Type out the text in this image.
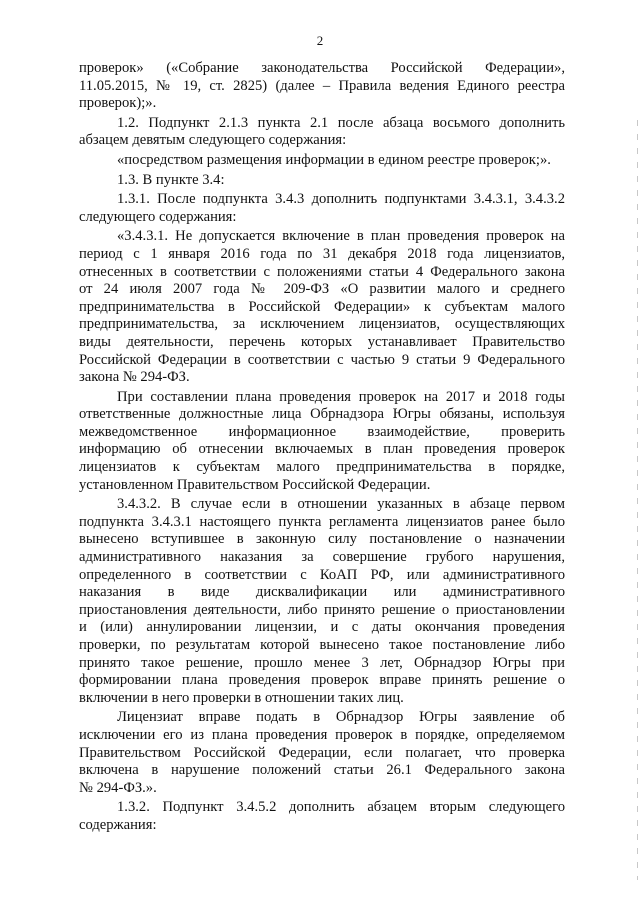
2
проверок» («Собрание законодательства Российской Федерации»,
11.05.2015, № 19, ст. 2825) (далее – Правила ведения Единого реестра
проверок);».
1.2. Подпункт 2.1.3 пункта 2.1 после абзаца восьмого дополнить
абзацем девятым следующего содержания:
«посредством размещения информации в едином реестре проверок;».
1.3. В пункте 3.4:
1.3.1. После подпункта 3.4.3 дополнить подпунктами 3.4.3.1, 3.4.3.2
следующего содержания:
«3.4.3.1. Не допускается включение в план проведения проверок на
период с 1 января 2016 года по 31 декабря 2018 года лицензиатов,
отнесенных в соответствии с положениями статьи 4 Федерального закона
от 24 июля 2007 года № 209-ФЗ «О развитии малого и среднего
предпринимательства в Российской Федерации» к субъектам малого
предпринимательства, за исключением лицензиатов, осуществляющих
виды деятельности, перечень которых устанавливает Правительство
Российской Федерации в соответствии с частью 9 статьи 9 Федерального
закона № 294-ФЗ.
При составлении плана проведения проверок на 2017 и 2018 годы
ответственные должностные лица Обрнадзора Югры обязаны, используя
межведомственное информационное взаимодействие, проверить
информацию об отнесении включаемых в план проведения проверок
лицензиатов к субъектам малого предпринимательства в порядке,
установленном Правительством Российской Федерации.
3.4.3.2. В случае если в отношении указанных в абзаце первом
подпункта 3.4.3.1 настоящего пункта регламента лицензиатов ранее было
вынесено вступившее в законную силу постановление о назначении
административного наказания за совершение грубого нарушения,
определенного в соответствии с КоАП РФ, или административного
наказания в виде дисквалификации или административного
приостановления деятельности, либо принято решение о приостановлении
и (или) аннулировании лицензии, и с даты окончания проведения
проверки, по результатам которой вынесено такое постановление либо
принято такое решение, прошло менее 3 лет, Обрнадзор Югры при
формировании плана проведения проверок вправе принять решение о
включении в него проверки в отношении таких лиц.
Лицензиат вправе подать в Обрнадзор Югры заявление об
исключении его из плана проведения проверок в порядке, определяемом
Правительством Российской Федерации, если полагает, что проверка
включена в нарушение положений статьи 26.1 Федерального закона
№ 294-ФЗ.».
1.3.2. Подпункт 3.4.5.2 дополнить абзацем вторым следующего
содержания:
